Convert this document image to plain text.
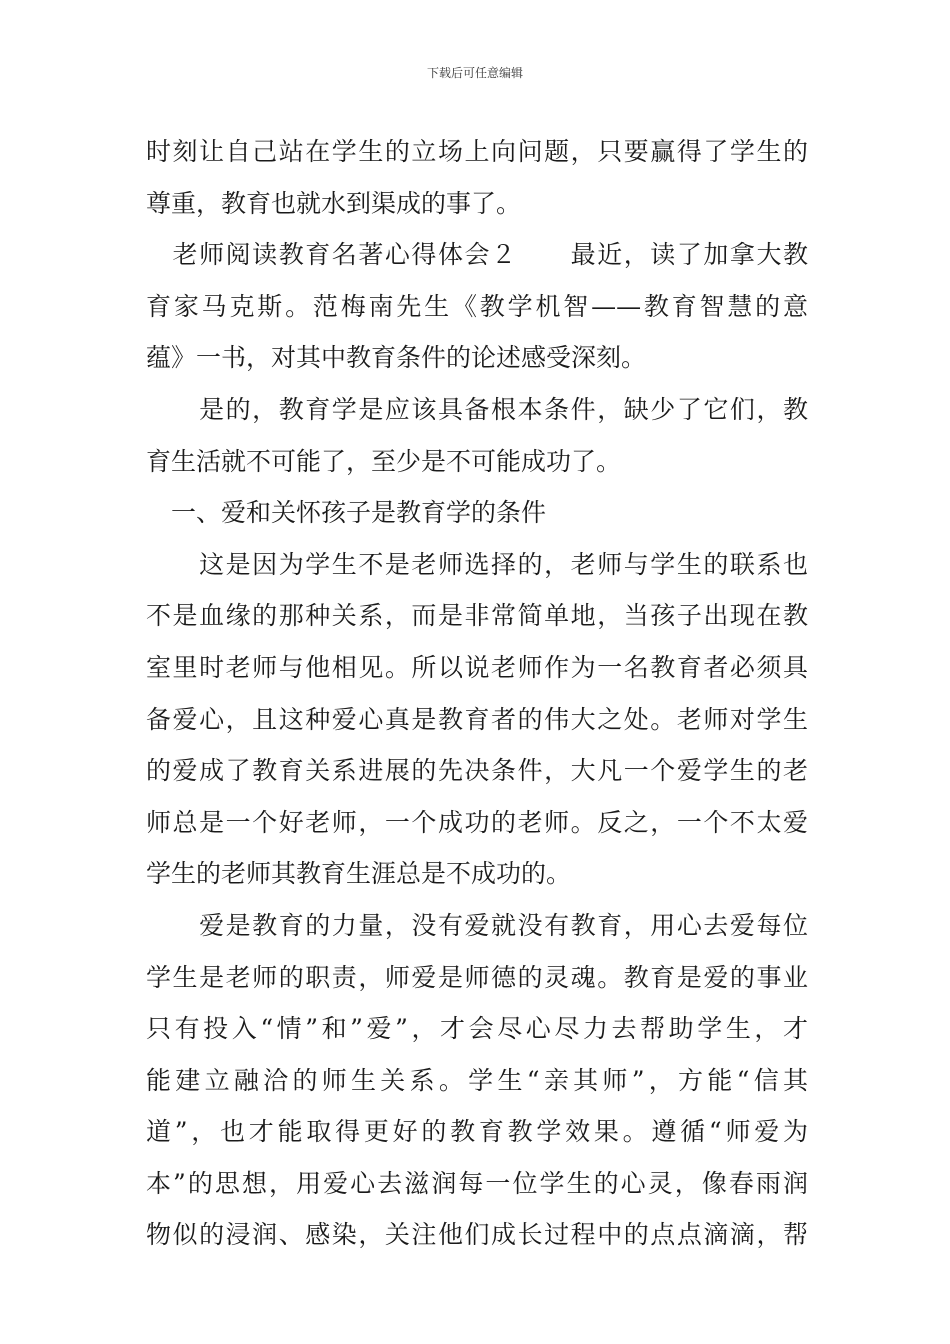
下载后可任意编辑
时刻让自己站在学生的立场上向问题，只要赢得了学生的
尊重，教育也就水到渠成的事了。
　老师阅读教育名著心得体会２　　最近，读了加拿大教
育家马克斯。范梅南先生《教学机智——教育智慧的意
蕴》一书，对其中教育条件的论述感受深刻。
　　是的，教育学是应该具备根本条件，缺少了它们，教
育生活就不可能了，至少是不可能成功了。
　一、爱和关怀孩子是教育学的条件
　　这是因为学生不是老师选择的，老师与学生的联系也
不是血缘的那种关系，而是非常简单地，当孩子出现在教
室里时老师与他相见。所以说老师作为一名教育者必须具
备爱心，且这种爱心真是教育者的伟大之处。老师对学生
的爱成了教育关系进展的先决条件，大凡一个爱学生的老
师总是一个好老师，一个成功的老师。反之，一个不太爱
学生的老师其教育生涯总是不成功的。
　　爱是教育的力量，没有爱就没有教育，用心去爱每位
学生是老师的职责，师爱是师德的灵魂。教育是爱的事业
只有投入“情”和”爱”，才会尽心尽力去帮助学生，才
能建立融洽的师生关系。学生“亲其师”，方能“信其
道”，也才能取得更好的教育教学效果。遵循“师爱为
本”的思想，用爱心去滋润每一位学生的心灵，像春雨润
物似的浸润、感染，关注他们成长过程中的点点滴滴，帮
